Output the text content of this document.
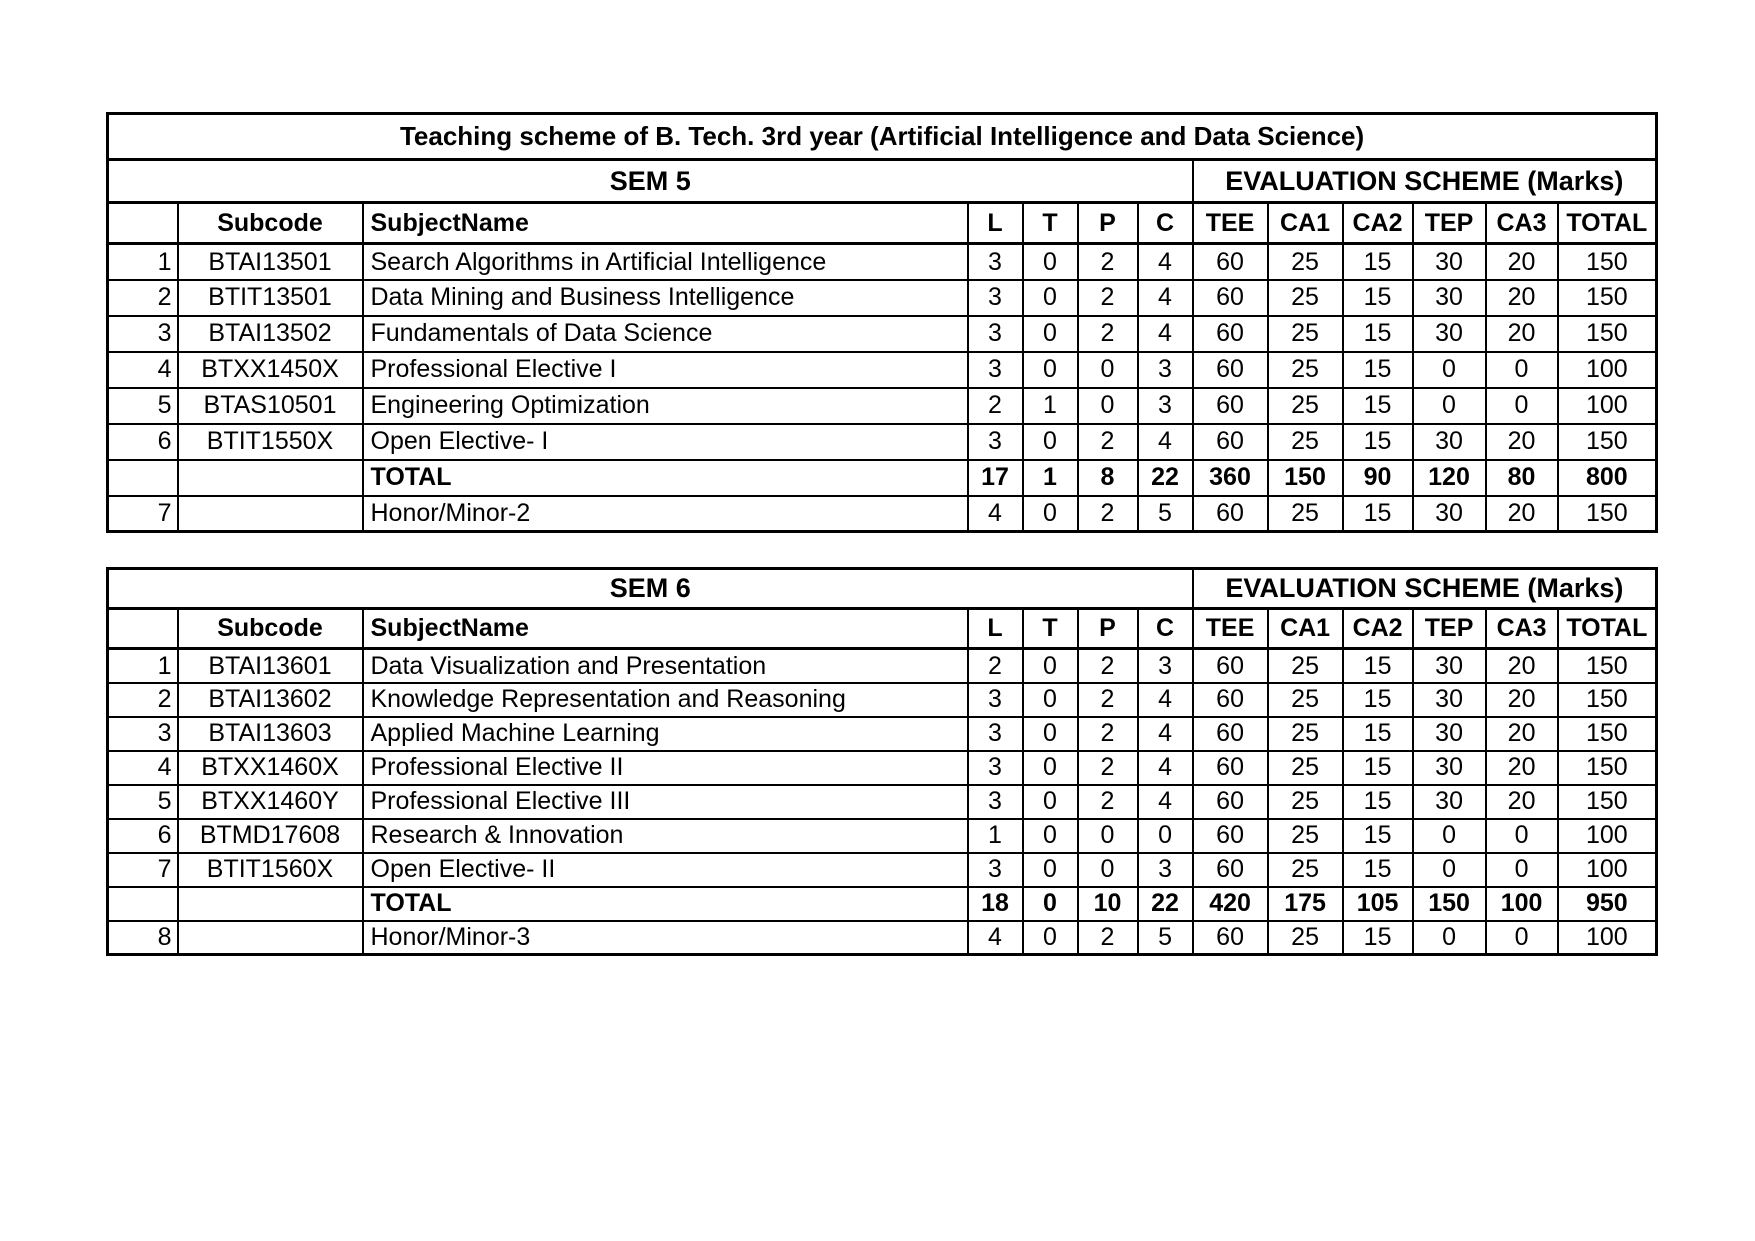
Teaching scheme of B. Tech. 3rd year (Artificial Intelligence and Data Science)												
SEM 5							EVALUATION SCHEME (Marks)					
	Subcode	SubjectName	L	T	P	C	TEE	CA1	CA2	TEP	CA3	TOTAL
1	BTAI13501	Search Algorithms in Artificial Intelligence	3	0	2	4	60	25	15	30	20	150
2	BTIT13501	Data Mining and Business Intelligence	3	0	2	4	60	25	15	30	20	150
3	BTAI13502	Fundamentals of Data Science	3	0	2	4	60	25	15	30	20	150
4	BTXX1450X	Professional Elective I	3	0	0	3	60	25	15	0	0	100
5	BTAS10501	Engineering Optimization	2	1	0	3	60	25	15	0	0	100
6	BTIT1550X	Open Elective- I	3	0	2	4	60	25	15	30	20	150
		TOTAL	17	1	8	22	360	150	90	120	80	800
7		Honor/Minor-2	4	0	2	5	60	25	15	30	20	150
SEM 6							EVALUATION SCHEME (Marks)					
	Subcode	SubjectName	L	T	P	C	TEE	CA1	CA2	TEP	CA3	TOTAL
1	BTAI13601	Data Visualization and Presentation	2	0	2	3	60	25	15	30	20	150
2	BTAI13602	Knowledge Representation and Reasoning	3	0	2	4	60	25	15	30	20	150
3	BTAI13603	Applied Machine Learning	3	0	2	4	60	25	15	30	20	150
4	BTXX1460X	Professional Elective II	3	0	2	4	60	25	15	30	20	150
5	BTXX1460Y	Professional Elective III	3	0	2	4	60	25	15	30	20	150
6	BTMD17608	Research & Innovation	1	0	0	0	60	25	15	0	0	100
7	BTIT1560X	Open Elective- II	3	0	0	3	60	25	15	0	0	100
		TOTAL	18	0	10	22	420	175	105	150	100	950
8		Honor/Minor-3	4	0	2	5	60	25	15	0	0	100
